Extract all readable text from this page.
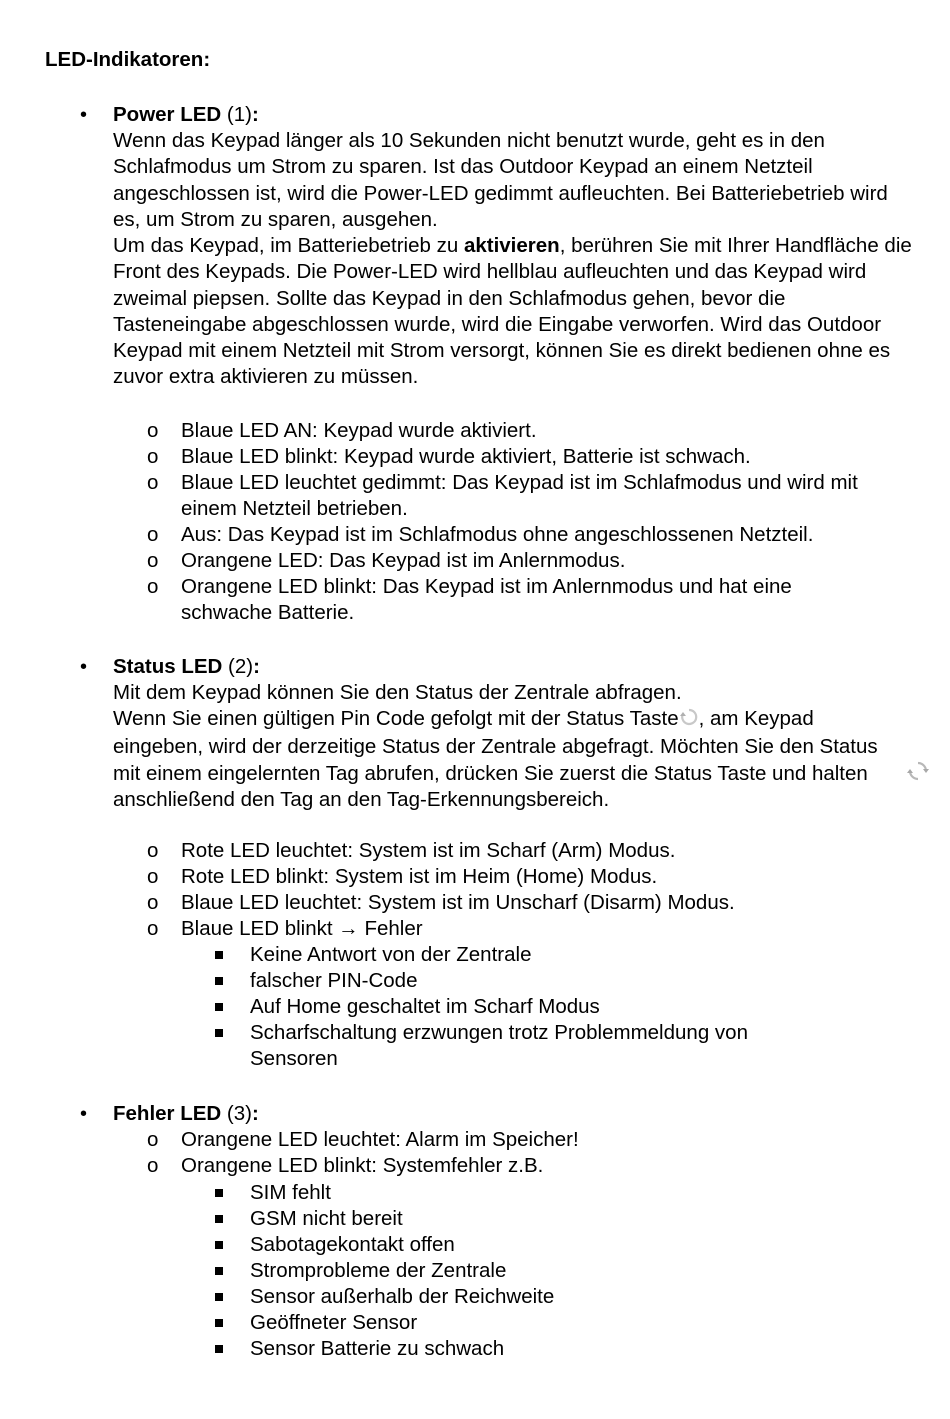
LED-Indikatoren:
• Power LED (1):
Wenn das Keypad länger als 10 Sekunden nicht benutzt wurde, geht es in den Schlafmodus um Strom zu sparen. Ist das Outdoor Keypad an einem Netzteil angeschlossen ist, wird die Power-LED gedimmt aufleuchten. Bei Batteriebetrieb wird es, um Strom zu sparen, ausgehen.
Um das Keypad, im Batteriebetrieb zu aktivieren, berühren Sie mit Ihrer Handfläche die Front des Keypads. Die Power-LED wird hellblau aufleuchten und das Keypad wird zweimal piepsen. Sollte das Keypad in den Schlafmodus gehen, bevor die Tasteneingabe abgeschlossen wurde, wird die Eingabe verworfen. Wird das Outdoor Keypad mit einem Netzteil mit Strom versorgt, können Sie es direkt bedienen ohne es zuvor extra aktivieren zu müssen.
o Blaue LED AN: Keypad wurde aktiviert.
o Blaue LED blinkt: Keypad wurde aktiviert, Batterie ist schwach.
o Blaue LED leuchtet gedimmt: Das Keypad ist im Schlafmodus und wird mit einem Netzteil betrieben.
o Aus: Das Keypad ist im Schlafmodus ohne angeschlossenen Netzteil.
o Orangene LED: Das Keypad ist im Anlernmodus.
o Orangene LED blinkt: Das Keypad ist im Anlernmodus und hat eine schwache Batterie.
• Status LED (2):
Mit dem Keypad können Sie den Status der Zentrale abfragen.
Wenn Sie einen gültigen Pin Code gefolgt mit der Status Taste , am Keypad eingeben, wird der derzeitige Status der Zentrale abgefragt. Möchten Sie den Status mit einem eingelernten Tag abrufen, drücken Sie zuerst die Status Taste und halten anschließend den Tag an den Tag-Erkennungsbereich.
o Rote LED leuchtet: System ist im Scharf (Arm) Modus.
o Rote LED blinkt: System ist im Heim (Home) Modus.
o Blaue LED leuchtet: System ist im Unscharf (Disarm) Modus.
o Blaue LED blinkt → Fehler
Keine Antwort von der Zentrale
falscher PIN-Code
Auf Home geschaltet im Scharf Modus
Scharfschaltung erzwungen trotz Problemmeldung von Sensoren
• Fehler LED (3):
o Orangene LED leuchtet: Alarm im Speicher!
o Orangene LED blinkt: Systemfehler z.B.
SIM fehlt
GSM nicht bereit
Sabotagekontakt offen
Stromprobleme der Zentrale
Sensor außerhalb der Reichweite
Geöffneter Sensor
Sensor Batterie zu schwach
